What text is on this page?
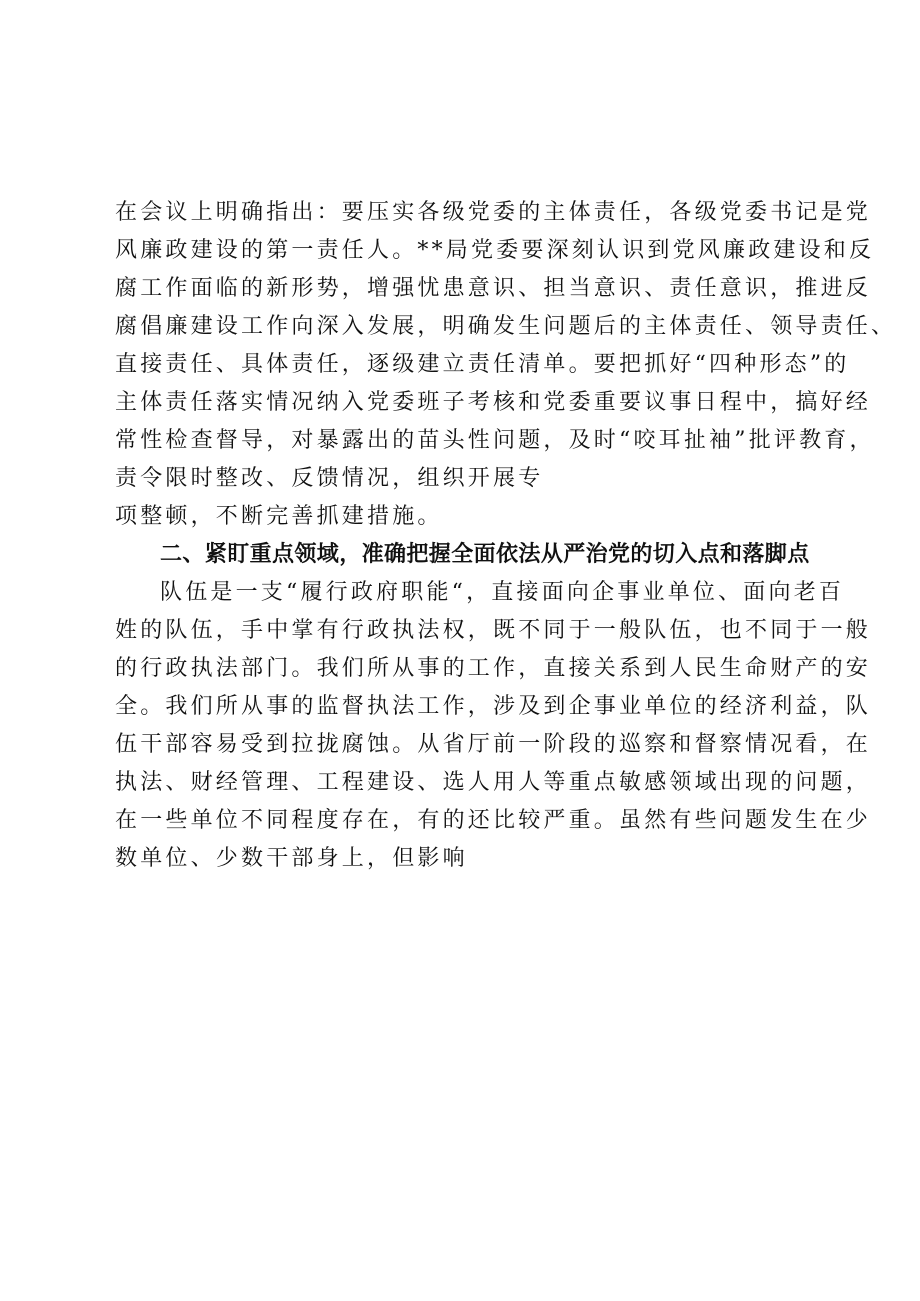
在会议上明确指出：要压实各级党委的主体责任，各级党委书记是党
风廉政建设的第一责任人。**局党委要深刻认识到党风廉政建设和反
腐工作面临的新形势，增强忧患意识、担当意识、责任意识，推进反
腐倡廉建设工作向深入发展，明确发生问题后的主体责任、领导责任、
直接责任、具体责任，逐级建立责任清单。要把抓好“四种形态”的
主体责任落实情况纳入党委班子考核和党委重要议事日程中，搞好经
常性检查督导，对暴露出的苗头性问题，及时“咬耳扯袖”批评教育，
责令限时整改、反馈情况，组织开展专
项整顿，不断完善抓建措施。
二、紧盯重点领域，准确把握全面依法从严治党的切入点和落脚点
队伍是一支“履行政府职能“，直接面向企事业单位、面向老百
姓的队伍，手中掌有行政执法权，既不同于一般队伍，也不同于一般
的行政执法部门。我们所从事的工作，直接关系到人民生命财产的安
全。我们所从事的监督执法工作，涉及到企事业单位的经济利益，队
伍干部容易受到拉拢腐蚀。从省厅前一阶段的巡察和督察情况看，在
执法、财经管理、工程建设、选人用人等重点敏感领域出现的问题，
在一些单位不同程度存在，有的还比较严重。虽然有些问题发生在少
数单位、少数干部身上，但影响
